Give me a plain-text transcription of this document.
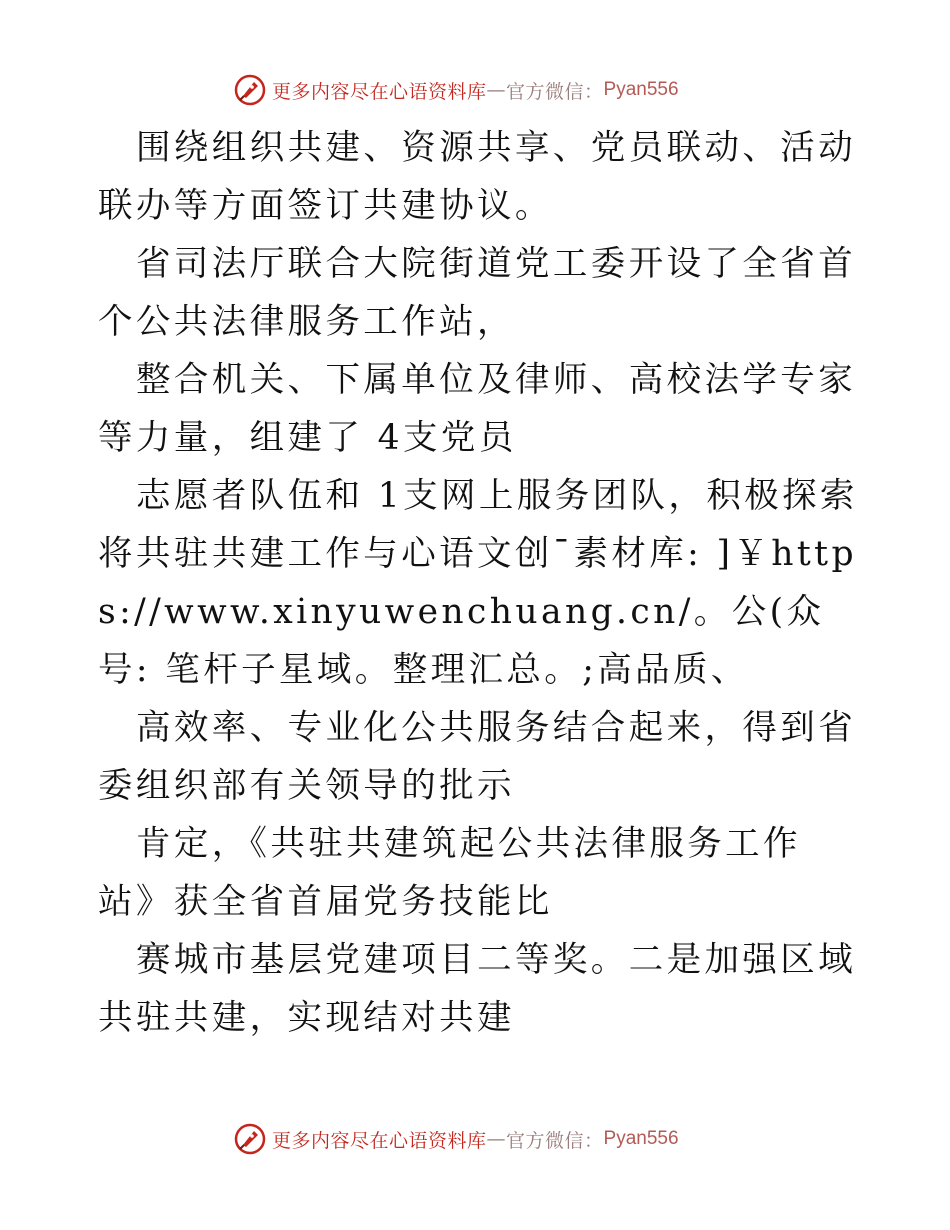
更多内容尽在心语资料库 — 官方微信： Pyan556

围绕组织共建、资源共享、党员联动、活动联办等方面签订共建协议。

省司法厅联合大院街道党工委开设了全省首个公共法律服务工作站，

整合机关、下属单位及律师、高校法学专家等力量，组建了 4支党员

志愿者队伍和 1支网上服务团队，积极探索将共驻共建工作与心语文创¯素材库: ]￥https://www.xinyuwenchuang.cn/。公(众号: 笔杆子星域。整理汇总。;高品质、

高效率、专业化公共服务结合起来，得到省委组织部有关领导的批示

肯定，《共驻共建筑起公共法律服务工作站》获全省首届党务技能比

赛城市基层党建项目二等奖。二是加强区域共驻共建，实现结对共建

更多内容尽在心语资料库 — 官方微信： Pyan556
